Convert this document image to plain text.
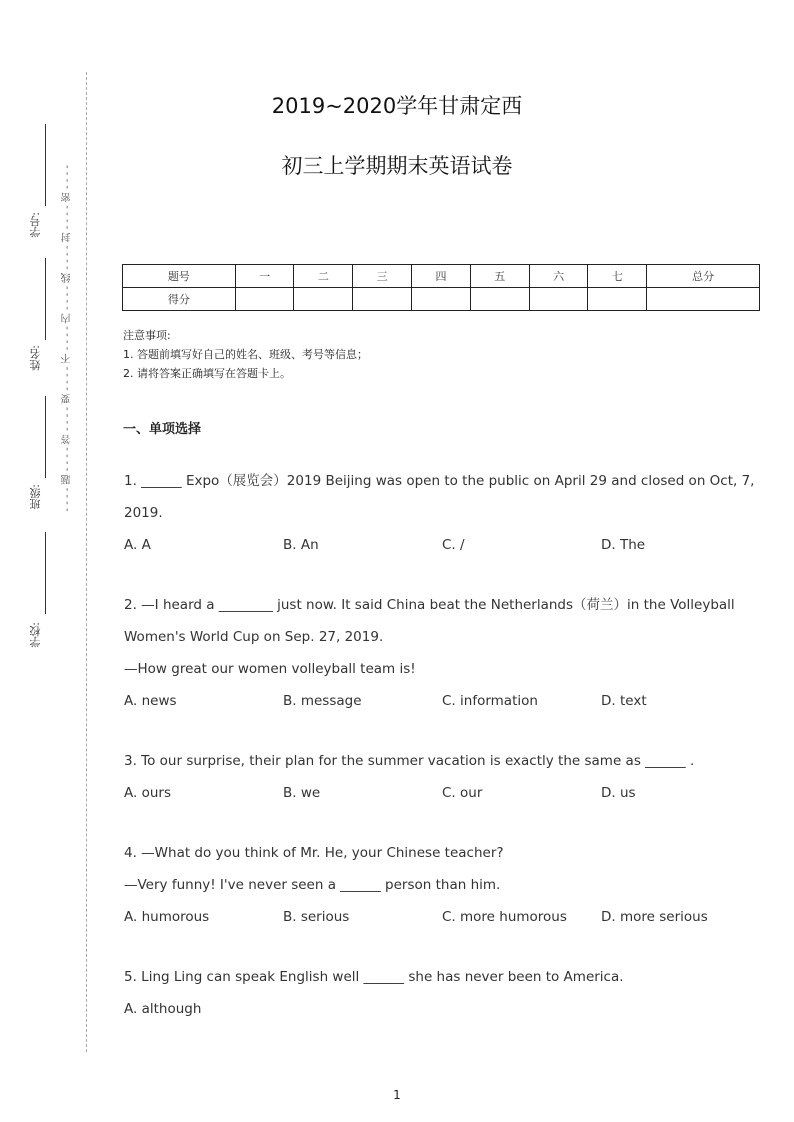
学号:
姓名:
班级:
学校:
- - - - 题 - - - - 答 - - - - 要 - - - - 不 - - - - 内 - - - - 线 - - - - 封 - - - - 密 - - - -
2019~2020学年甘肃定西
初三上学期期末英语试卷
题号	一	二	三	四	五	六	七	总分
得分								
注意事项:
1. 答题前填写好自己的姓名、班级、考号等信息；
2. 请将答案正确填写在答题卡上。
一、单项选择
1. ______ Expo（展览会）2019 Beijing was open to the public on April 29 and closed on Oct, 7,
2019.
A. A	B. An	C. /	D. The
2. —I heard a ________ just now. It said China beat the Netherlands（荷兰）in the Volleyball
Women's World Cup on Sep. 27, 2019.
—How great our women volleyball team is!
A. news	B. message	C. information	D. text
3. To our surprise, their plan for the summer vacation is exactly the same as ______ .
A. ours	B. we	C. our	D. us
4. —What do you think of Mr. He, your Chinese teacher?
—Very funny! I've never seen a ______ person than him.
A. humorous	B. serious	C. more humorous	D. more serious
5. Ling Ling can speak English well ______ she has never been to America.
A. although
1
